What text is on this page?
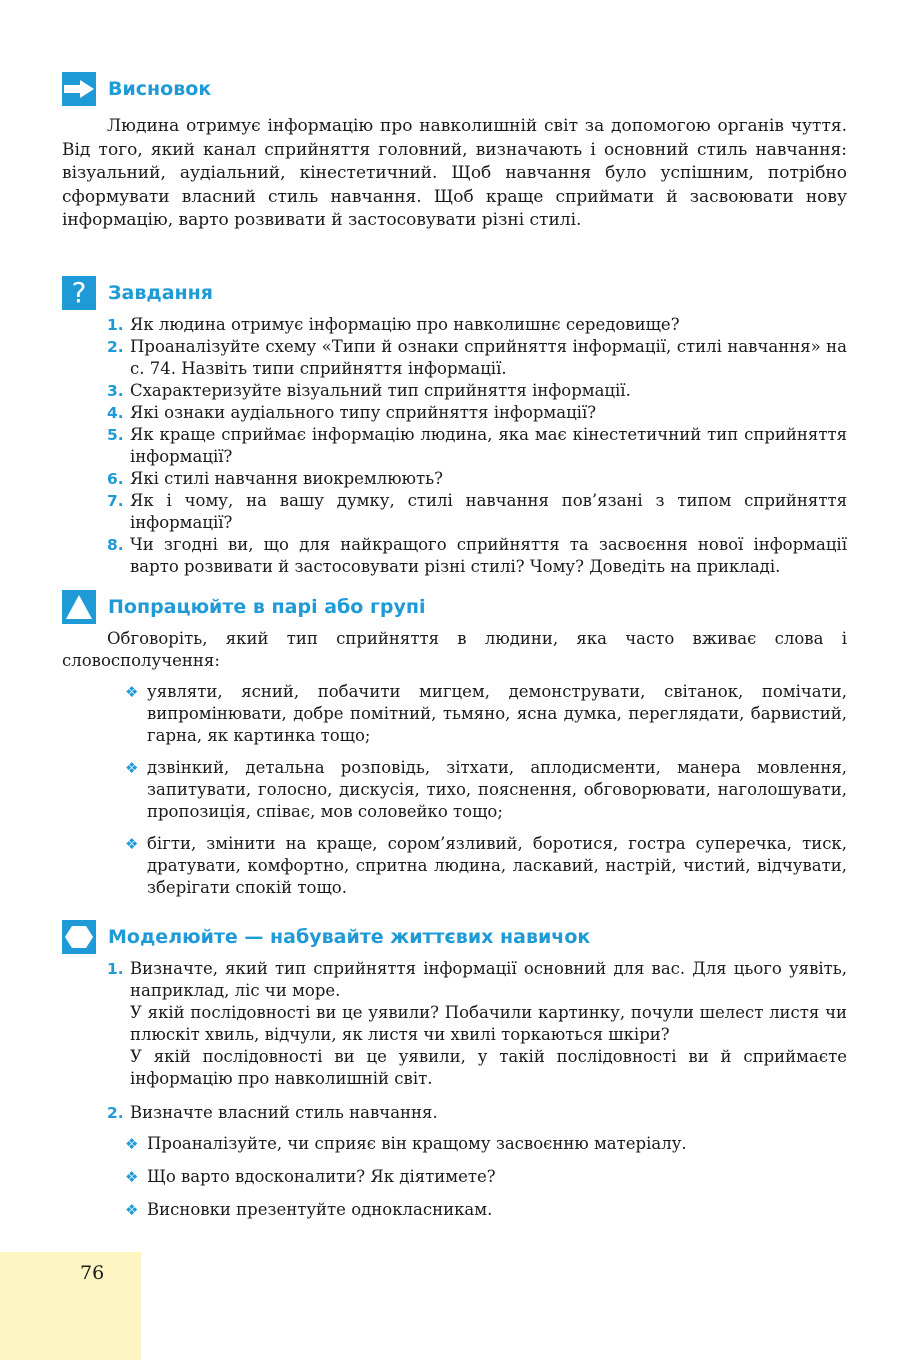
Висновок

Людина отримує інформацію про навколишній світ за допомогою органів чуття. Від того, який канал сприйняття головний, визначають і основний стиль навчання: візуальний, аудіальний, кінестетичний. Щоб навчання було успішним, потрібно сформувати власний стиль навчання. Щоб краще сприймати й засвоювати нову інформацію, варто розвивати й застосовувати різні стилі.

? Завдання
1. Як людина отримує інформацію про навколишнє середовище?
2. Проаналізуйте схему «Типи й ознаки сприйняття інформації, стилі навчання» на с. 74. Назвіть типи сприйняття інформації.
3. Схарактеризуйте візуальний тип сприйняття інформації.
4. Які ознаки аудіального типу сприйняття інформації?
5. Як краще сприймає інформацію людина, яка має кінестетичний тип сприйняття інформації?
6. Які стилі навчання виокремлюють?
7. Як і чому, на вашу думку, стилі навчання пов’язані з типом сприйняття інформації?
8. Чи згодні ви, що для найкращого сприйняття та засвоєння нової інформації варто розвивати й застосовувати різні стилі? Чому? Доведіть на прикладі.
Попрацюйте в парі або групі

Обговоріть, який тип сприйняття в людини, яка часто вживає слова і словосполучення:

❖ уявляти, ясний, побачити мигцем, демонструвати, світанок, помічати, випромінювати, добре помітний, тьмяно, ясна думка, переглядати, барвистий, гарна, як картинка тощо;
❖ дзвінкий, детальна розповідь, зітхати, аплодисменти, манера мовлення, запитувати, голосно, дискусія, тихо, пояснення, обговорювати, наголошувати, пропозиція, співає, мов соловейко тощо;
❖ бігти, змінити на краще, сором’язливий, боротися, гостра суперечка, тиск, дратувати, комфортно, спритна людина, ласкавий, настрій, чистий, відчувати, зберігати спокій тощо.
Моделюйте — набувайте життєвих навичок
1. Визначте, який тип сприйняття інформації основний для вас. Для цього уявіть, наприклад, ліс чи море.
У якій послідовності ви це уявили? Побачили картинку, почули шелест листя чи плюскіт хвиль, відчули, як листя чи хвилі торкаються шкіри?
У якій послідовності ви це уявили, у такій послідовності ви й сприймаєте інформацію про навколишній світ.
2. Визначте власний стиль навчання.
❖ Проаналізуйте, чи сприяє він кращому засвоєнню матеріалу.
❖ Що варто вдосконалити? Як діятимете?
❖ Висновки презентуйте однокласникам.
76
